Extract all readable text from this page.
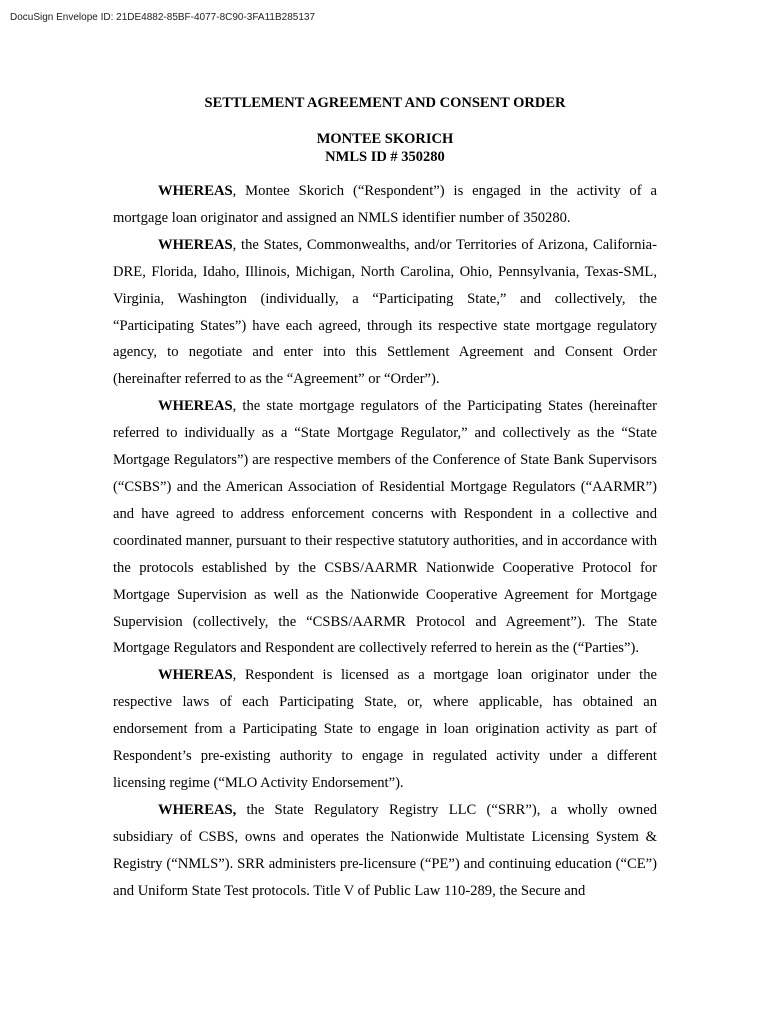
DocuSign Envelope ID: 21DE4882-85BF-4077-8C90-3FA11B285137
SETTLEMENT AGREEMENT AND CONSENT ORDER
MONTEE SKORICH
NMLS ID # 350280

WHEREAS, Montee Skorich (“Respondent”) is engaged in the activity of a mortgage loan originator and assigned an NMLS identifier number of 350280.

WHEREAS, the States, Commonwealths, and/or Territories of Arizona, California-DRE, Florida, Idaho, Illinois, Michigan, North Carolina, Ohio, Pennsylvania, Texas-SML, Virginia, Washington (individually, a “Participating State,” and collectively, the “Participating States”) have each agreed, through its respective state mortgage regulatory agency, to negotiate and enter into this Settlement Agreement and Consent Order (hereinafter referred to as the “Agreement” or “Order”).

WHEREAS, the state mortgage regulators of the Participating States (hereinafter referred to individually as a “State Mortgage Regulator,” and collectively as the “State Mortgage Regulators”) are respective members of the Conference of State Bank Supervisors (“CSBS”) and the American Association of Residential Mortgage Regulators (“AARMR”) and have agreed to address enforcement concerns with Respondent in a collective and coordinated manner, pursuant to their respective statutory authorities, and in accordance with the protocols established by the CSBS/AARMR Nationwide Cooperative Protocol for Mortgage Supervision as well as the Nationwide Cooperative Agreement for Mortgage Supervision (collectively, the “CSBS/AARMR Protocol and Agreement”). The State Mortgage Regulators and Respondent are collectively referred to herein as the (“Parties”).

WHEREAS, Respondent is licensed as a mortgage loan originator under the respective laws of each Participating State, or, where applicable, has obtained an endorsement from a Participating State to engage in loan origination activity as part of Respondent’s pre-existing authority to engage in regulated activity under a different licensing regime (“MLO Activity Endorsement”).

WHEREAS, the State Regulatory Registry LLC (“SRR”), a wholly owned subsidiary of CSBS, owns and operates the Nationwide Multistate Licensing System & Registry (“NMLS”). SRR administers pre-licensure (“PE”) and continuing education (“CE”) and Uniform State Test protocols. Title V of Public Law 110-289, the Secure and
